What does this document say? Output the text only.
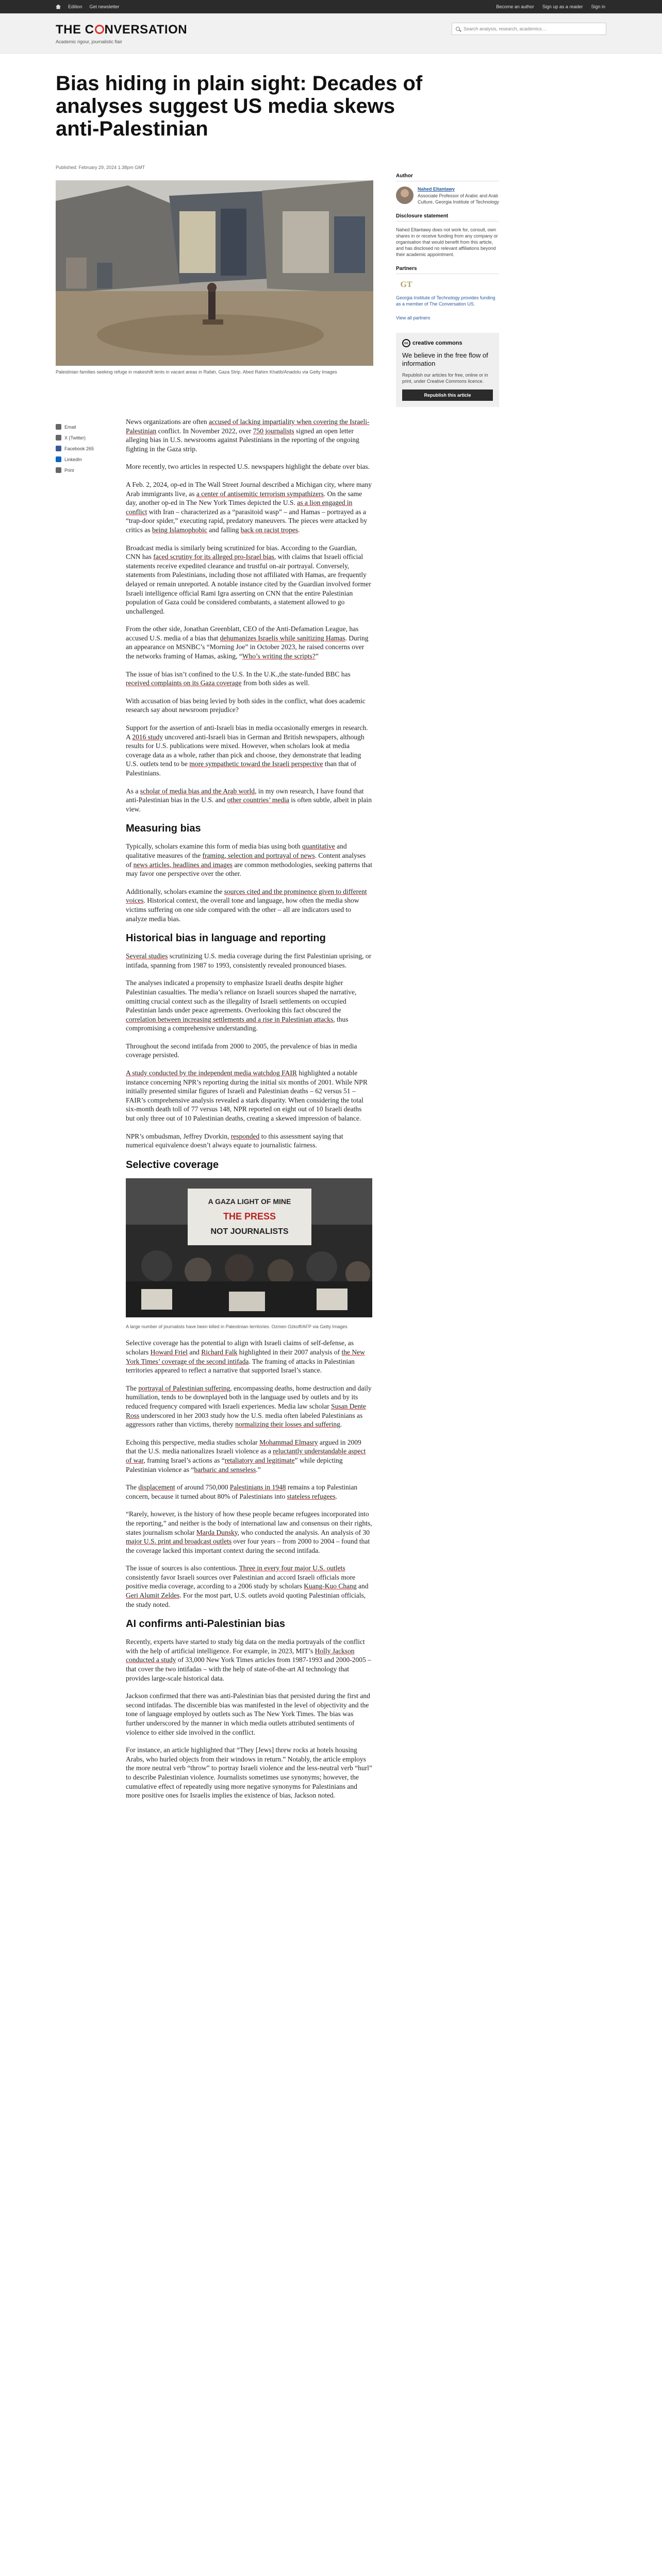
Edition Get newsletter	Become an author Sign up as a reader Sign in
THE C NVERSATION
Academic rigour, journalistic flair
Search analysis, research, academics…
Bias hiding in plain sight: Decades of analyses suggest US media skews anti-Palestinian
Published: February 29, 2024 1.38pm GMT
Palestinian families seeking refuge in makeshift tents in vacant areas in Rafah, Gaza Strip. Abed Rahim Khatib/Anadolu via Getty Images
Email
X (Twitter)
Facebook 265
LinkedIn
Print

News organizations are often accused of lacking impartiality when covering the Israeli-Palestinian conflict. In November 2022, over 750 journalists signed an open letter alleging bias in U.S. newsrooms against Palestinians in the reporting of the ongoing fighting in the Gaza strip.

More recently, two articles in respected U.S. newspapers highlight the debate over bias.

A Feb. 2, 2024, op-ed in The Wall Street Journal described a Michigan city, where many Arab immigrants live, as a center of antisemitic terrorism sympathizers. On the same day, another op-ed in The New York Times depicted the U.S. as a lion engaged in conflict with Iran – characterized as a “parasitoid wasp” – and Hamas – portrayed as a “trap-door spider,” executing rapid, predatory maneuvers. The pieces were attacked by critics as being Islamophobic and falling back on racist tropes.

Broadcast media is similarly being scrutinized for bias. According to the Guardian, CNN has faced scrutiny for its alleged pro-Israel bias, with claims that Israeli official statements receive expedited clearance and trustful on-air portrayal. Conversely, statements from Palestinians, including those not affiliated with Hamas, are frequently delayed or remain unreported. A notable instance cited by the Guardian involved former Israeli intelligence official Rami Igra asserting on CNN that the entire Palestinian population of Gaza could be considered combatants, a statement allowed to go unchallenged.

From the other side, Jonathan Greenblatt, CEO of the Anti-Defamation League, has accused U.S. media of a bias that dehumanizes Israelis while sanitizing Hamas. During an appearance on MSNBC’s “Morning Joe” in October 2023, he raised concerns over the networks framing of Hamas, asking, “Who’s writing the scripts?”

The issue of bias isn’t confined to the U.S. In the U.K.,the state-funded BBC has received complaints on its Gaza coverage from both sides as well.

With accusation of bias being levied by both sides in the conflict, what does academic research say about newsroom prejudice?

Support for the assertion of anti-Israeli bias in media occasionally emerges in research. A 2016 study uncovered anti-Israeli bias in German and British newspapers, although results for U.S. publications were mixed. However, when scholars look at media coverage data as a whole, rather than pick and choose, they demonstrate that leading U.S. outlets tend to be more sympathetic toward the Israeli perspective than that of Palestinians.

As a scholar of media bias and the Arab world, in my own research, I have found that anti-Palestinian bias in the U.S. and other countries’ media is often subtle, albeit in plain view.

Measuring bias

Typically, scholars examine this form of media bias using both quantitative and qualitative measures of the framing, selection and portrayal of news. Content analyses of news articles, headlines and images are common methodologies, seeking patterns that may favor one perspective over the other.

Additionally, scholars examine the sources cited and the prominence given to different voices. Historical context, the overall tone and language, how often the media show victims suffering on one side compared with the other – all are indicators used to analyze media bias.

Historical bias in language and reporting

Several studies scrutinizing U.S. media coverage during the first Palestinian uprising, or intifada, spanning from 1987 to 1993, consistently revealed pronounced biases.

The analyses indicated a propensity to emphasize Israeli deaths despite higher Palestinian casualties. The media’s reliance on Israeli sources shaped the narrative, omitting crucial context such as the illegality of Israeli settlements on occupied Palestinian lands under peace agreements. Overlooking this fact obscured the correlation between increasing settlements and a rise in Palestinian attacks, thus compromising a comprehensive understanding.

Throughout the second intifada from 2000 to 2005, the prevalence of bias in media coverage persisted.

A study conducted by the independent media watchdog FAIR highlighted a notable instance concerning NPR’s reporting during the initial six months of 2001. While NPR initially presented similar figures of Israeli and Palestinian deaths – 62 versus 51 – FAIR’s comprehensive analysis revealed a stark disparity. When considering the total six-month death toll of 77 versus 148, NPR reported on eight out of 10 Israeli deaths but only three out of 10 Palestinian deaths, creating a skewed impression of balance.

NPR’s ombudsman, Jeffrey Dvorkin, responded to this assessment saying that numerical equivalence doesn’t always equate to journalistic fairness.

Selective coverage
A GAZA LIGHT OF MINE
THE PRESS
NOT JOURNALISTS
A large number of journalists have been killed in Palestinian territories. Ozmen Ozkoff/AFP via Getty Images

Selective coverage has the potential to align with Israeli claims of self-defense, as scholars Howard Friel and Richard Falk highlighted in their 2007 analysis of the New York Times’ coverage of the second intifada. The framing of attacks in Palestinian territories appeared to reflect a narrative that supported Israel’s stance.

The portrayal of Palestinian suffering, encompassing deaths, home destruction and daily humiliation, tends to be downplayed both in the language used by outlets and by its reduced frequency compared with Israeli experiences. Media law scholar Susan Dente Ross underscored in her 2003 study how the U.S. media often labeled Palestinians as aggressors rather than victims, thereby normalizing their losses and suffering.

Echoing this perspective, media studies scholar Mohammad Elmasry argued in 2009 that the U.S. media nationalizes Israeli violence as a reluctantly understandable aspect of war, framing Israel’s actions as “retaliatory and legitimate” while depicting Palestinian violence as “barbaric and senseless.”

The displacement of around 750,000 Palestinians in 1948 remains a top Palestinian concern, because it turned about 80% of Palestinians into stateless refugees.

“Rarely, however, is the history of how these people became refugees incorporated into the reporting,” and neither is the body of international law and consensus on their rights, states journalism scholar Marda Dunsky, who conducted the analysis. An analysis of 30 major U.S. print and broadcast outlets over four years – from 2000 to 2004 – found that the coverage lacked this important context during the second intifada.

The issue of sources is also contentious. Three in every four major U.S. outlets consistently favor Israeli sources over Palestinian and accord Israeli officials more positive media coverage, according to a 2006 study by scholars Kuang-Kuo Chang and Geri Alumit Zeldes. For the most part, U.S. outlets avoid quoting Palestinian officials, the study noted.

AI confirms anti-Palestinian bias

Recently, experts have started to study big data on the media portrayals of the conflict with the help of artificial intelligence. For example, in 2023, MIT’s Holly Jackson conducted a study of 33,000 New York Times articles from 1987-1993 and 2000-2005 – that cover the two intifadas – with the help of state-of-the-art AI technology that provides large-scale historical data.

Jackson confirmed that there was anti-Palestinian bias that persisted during the first and second intifadas. The discernible bias was manifested in the level of objectivity and the tone of language employed by outlets such as The New York Times. The bias was further underscored by the manner in which media outlets attributed sentiments of violence to either side involved in the conflict.

For instance, an article highlighted that “They [Jews] threw rocks at hotels housing Arabs, who hurled objects from their windows in return.” Notably, the article employs the more neutral verb “throw” to portray Israeli violence and the less-neutral verb “hurl” to describe Palestinian violence. Journalists sometimes use synonyms; however, the cumulative effect of repeatedly using more negative synonyms for Palestinians and more positive ones for Israelis implies the existence of bias, Jackson noted.

Author
Nahed Eltantawy
Associate Professor of Arabic and Arab Culture, Georgia Institute of Technology
Disclosure statement
Nahed Eltantawy does not work for, consult, own shares in or receive funding from any company or organisation that would benefit from this article, and has disclosed no relevant affiliations beyond their academic appointment.
Partners
GT
Georgia Institute of Technology provides funding as a member of The Conversation US.
View all partners
cc creative commons
We believe in the free flow of information
Republish our articles for free, online or in print, under Creative Commons licence.
Republish this article
